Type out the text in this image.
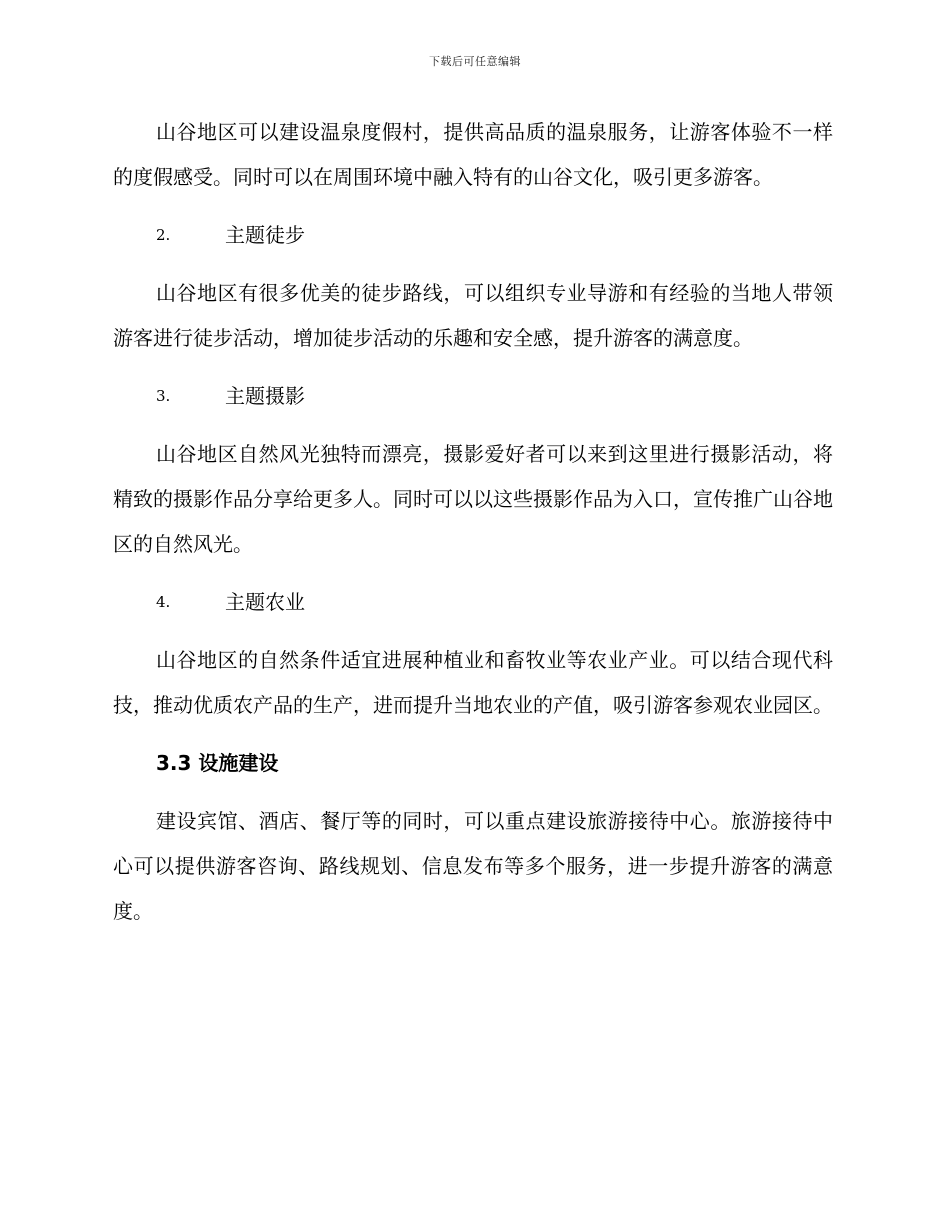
下载后可任意编辑

山谷地区可以建设温泉度假村，提供高品质的温泉服务，让游客体验不一样的度假感受。同时可以在周围环境中融入特有的山谷文化，吸引更多游客。

2.	主题徒步

山谷地区有很多优美的徒步路线，可以组织专业导游和有经验的当地人带领游客进行徒步活动，增加徒步活动的乐趣和安全感，提升游客的满意度。

3.	主题摄影

山谷地区自然风光独特而漂亮，摄影爱好者可以来到这里进行摄影活动，将精致的摄影作品分享给更多人。同时可以以这些摄影作品为入口，宣传推广山谷地区的自然风光。

4.	主题农业

山谷地区的自然条件适宜进展种植业和畜牧业等农业产业。可以结合现代科技，推动优质农产品的生产，进而提升当地农业的产值，吸引游客参观农业园区。

3.3 设施建设

建设宾馆、酒店、餐厅等的同时，可以重点建设旅游接待中心。旅游接待中心可以提供游客咨询、路线规划、信息发布等多个服务，进一步提升游客的满意度。
